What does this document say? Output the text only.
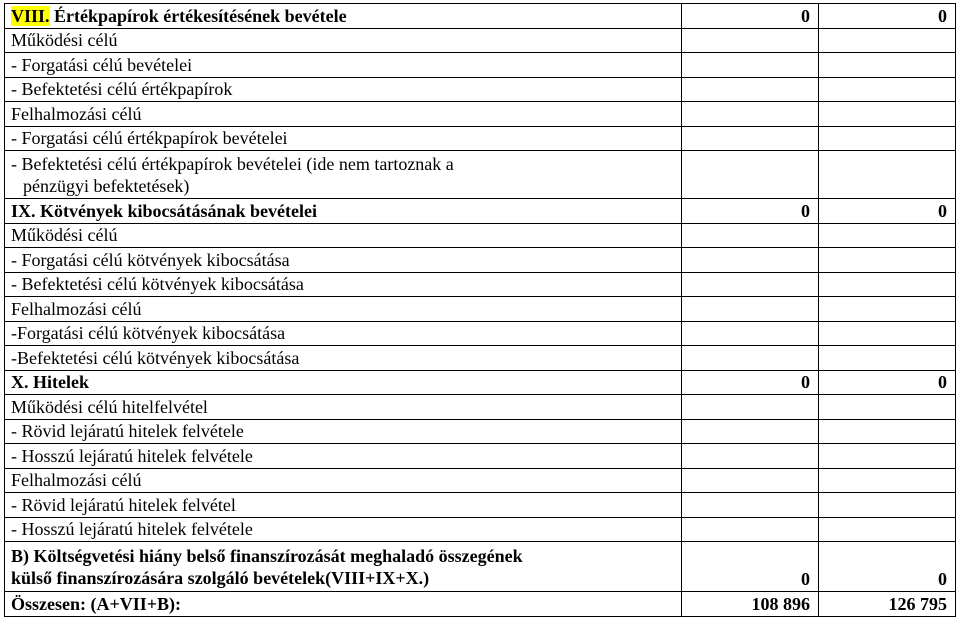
VIII. Értékpapírok értékesítésének bevétele	0	0
Működési célú		
- Forgatási célú bevételei		
- Befektetési célú értékpapírok		
Felhalmozási célú		
- Forgatási célú értékpapírok bevételei		

- Befektetési célú értékpapírok bevételei (ide nem tartoznak a
pénzügyi befektetések)		

IX. Kötvények kibocsátásának bevételei	0	0
Működési célú		
- Forgatási célú kötvények kibocsátása		
- Befektetési célú kötvények kibocsátása		
Felhalmozási célú		
-Forgatási célú kötvények kibocsátása		
-Befektetési célú kötvények kibocsátása		
X. Hitelek	0	0
Működési célú hitelfelvétel		
- Rövid lejáratú hitelek felvétele		
- Hosszú lejáratú hitelek felvétele		
Felhalmozási célú		
- Rövid lejáratú hitelek felvétel		
- Hosszú lejáratú hitelek felvétele		

B) Költségvetési hiány belső finanszírozását meghaladó összegének
külső finanszírozására szolgáló bevételek(VIII+IX+X.)	0	0
Összesen: (A+VII+B):	108 896	126 795
